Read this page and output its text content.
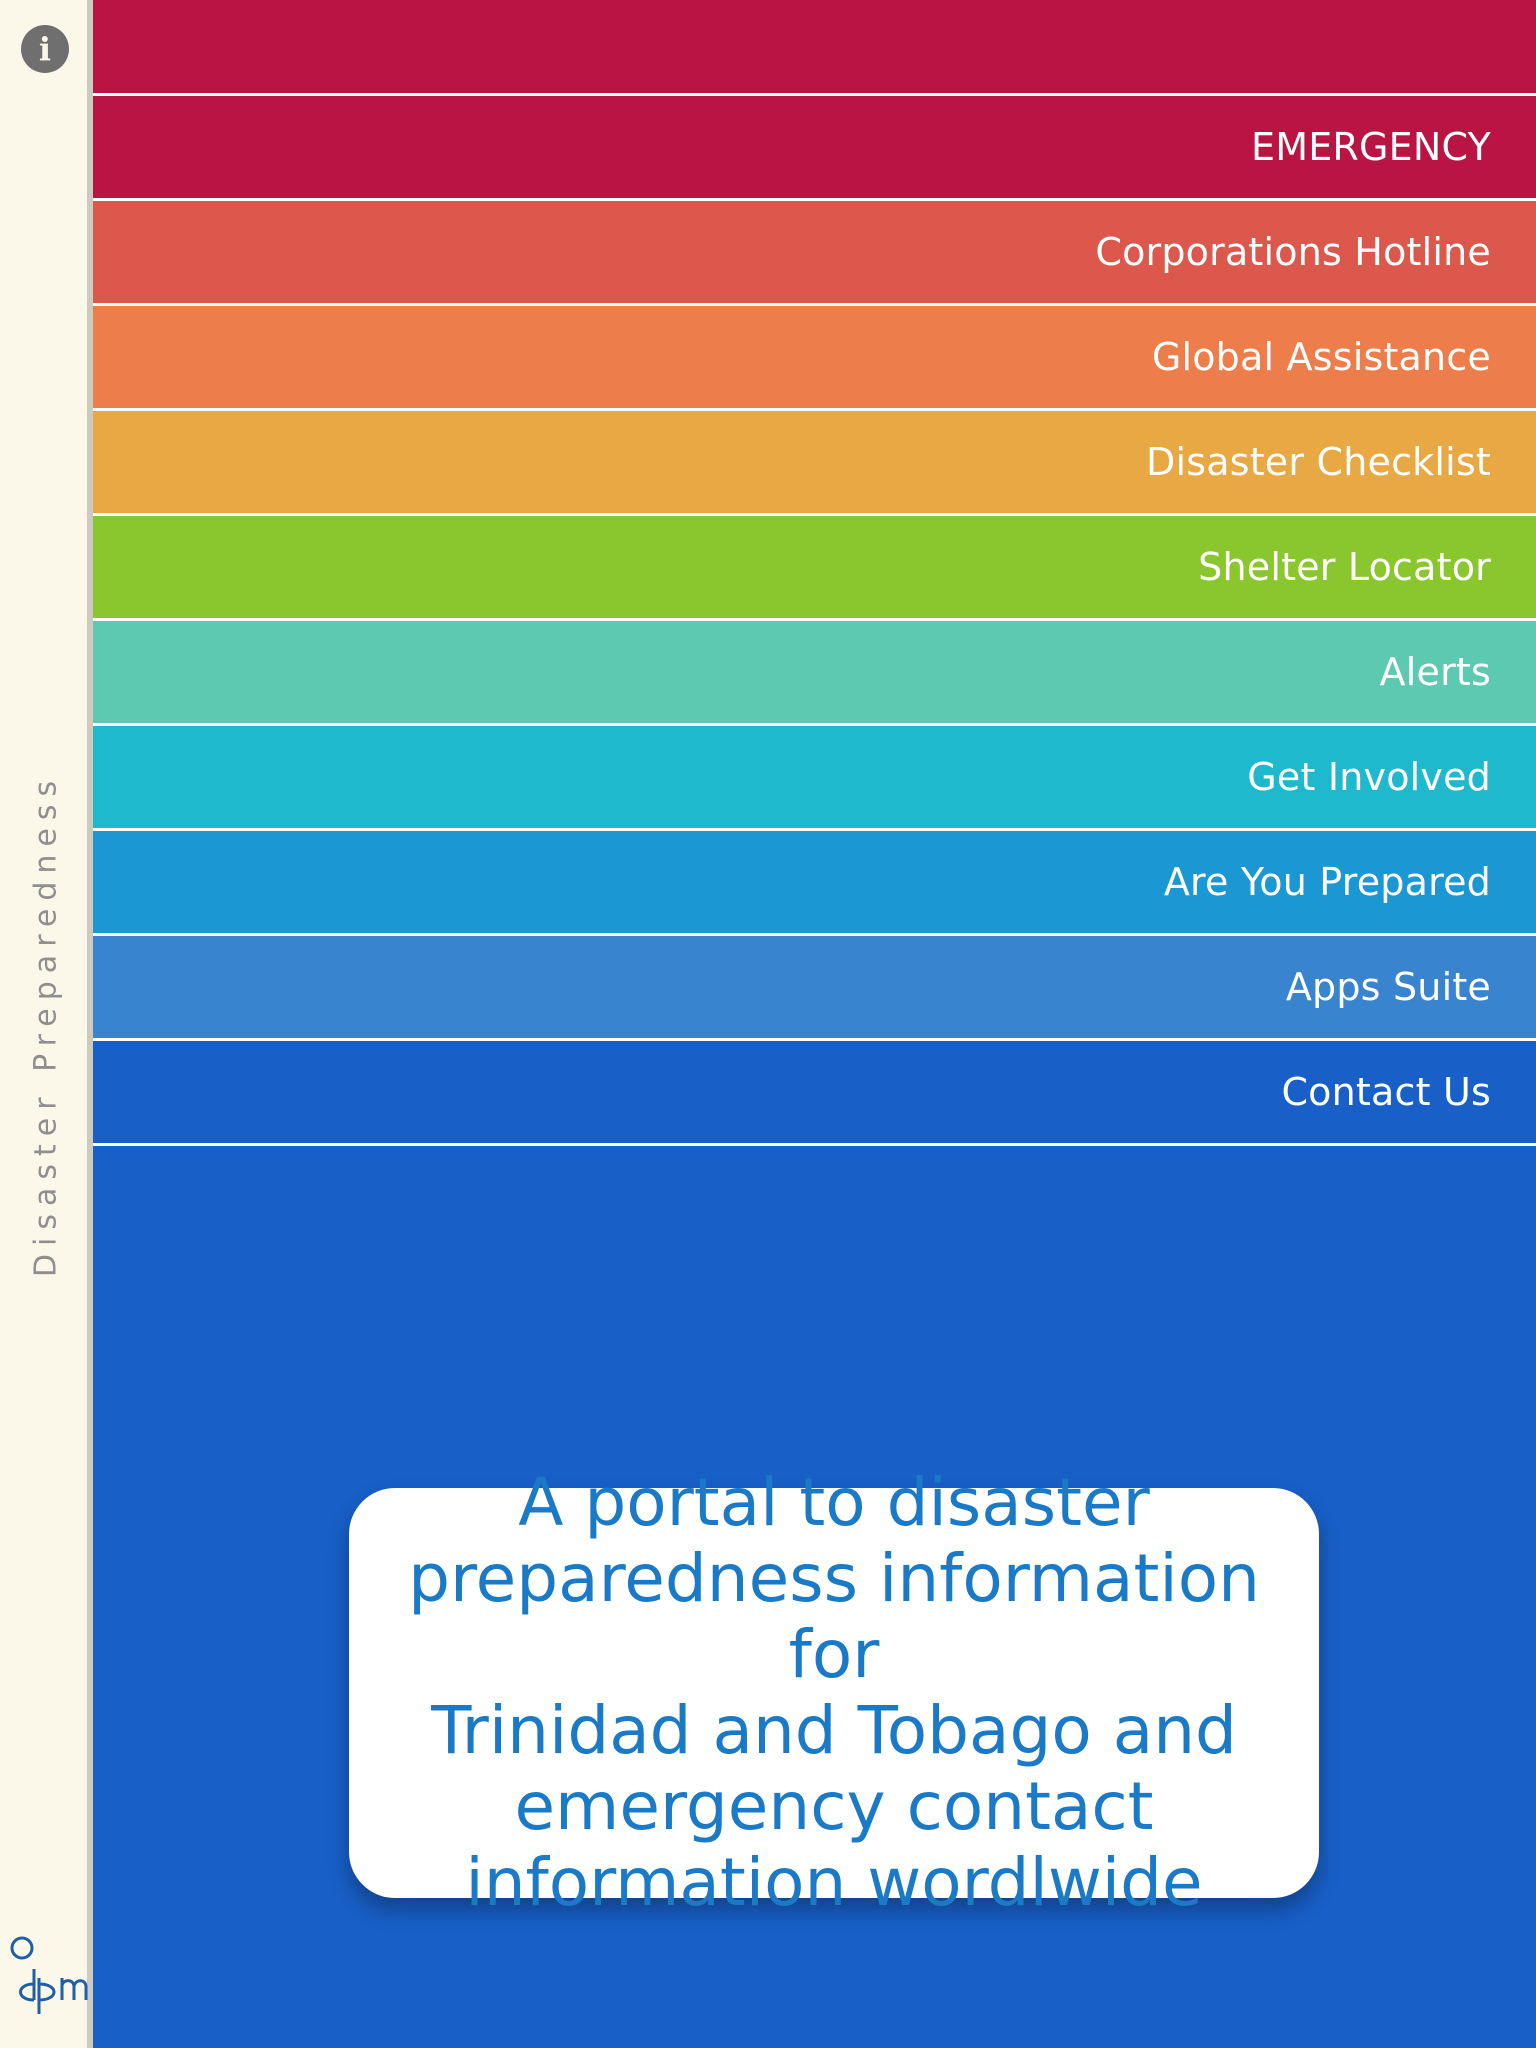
i
Disaster Preparedness
EMERGENCY
Corporations Hotline
Global Assistance
Disaster Checklist
Shelter Locator
Alerts
Get Involved
Are You Prepared
Apps Suite
Contact Us
A portal to disaster
preparedness information for
Trinidad and Tobago and
emergency contact
information wordlwide
